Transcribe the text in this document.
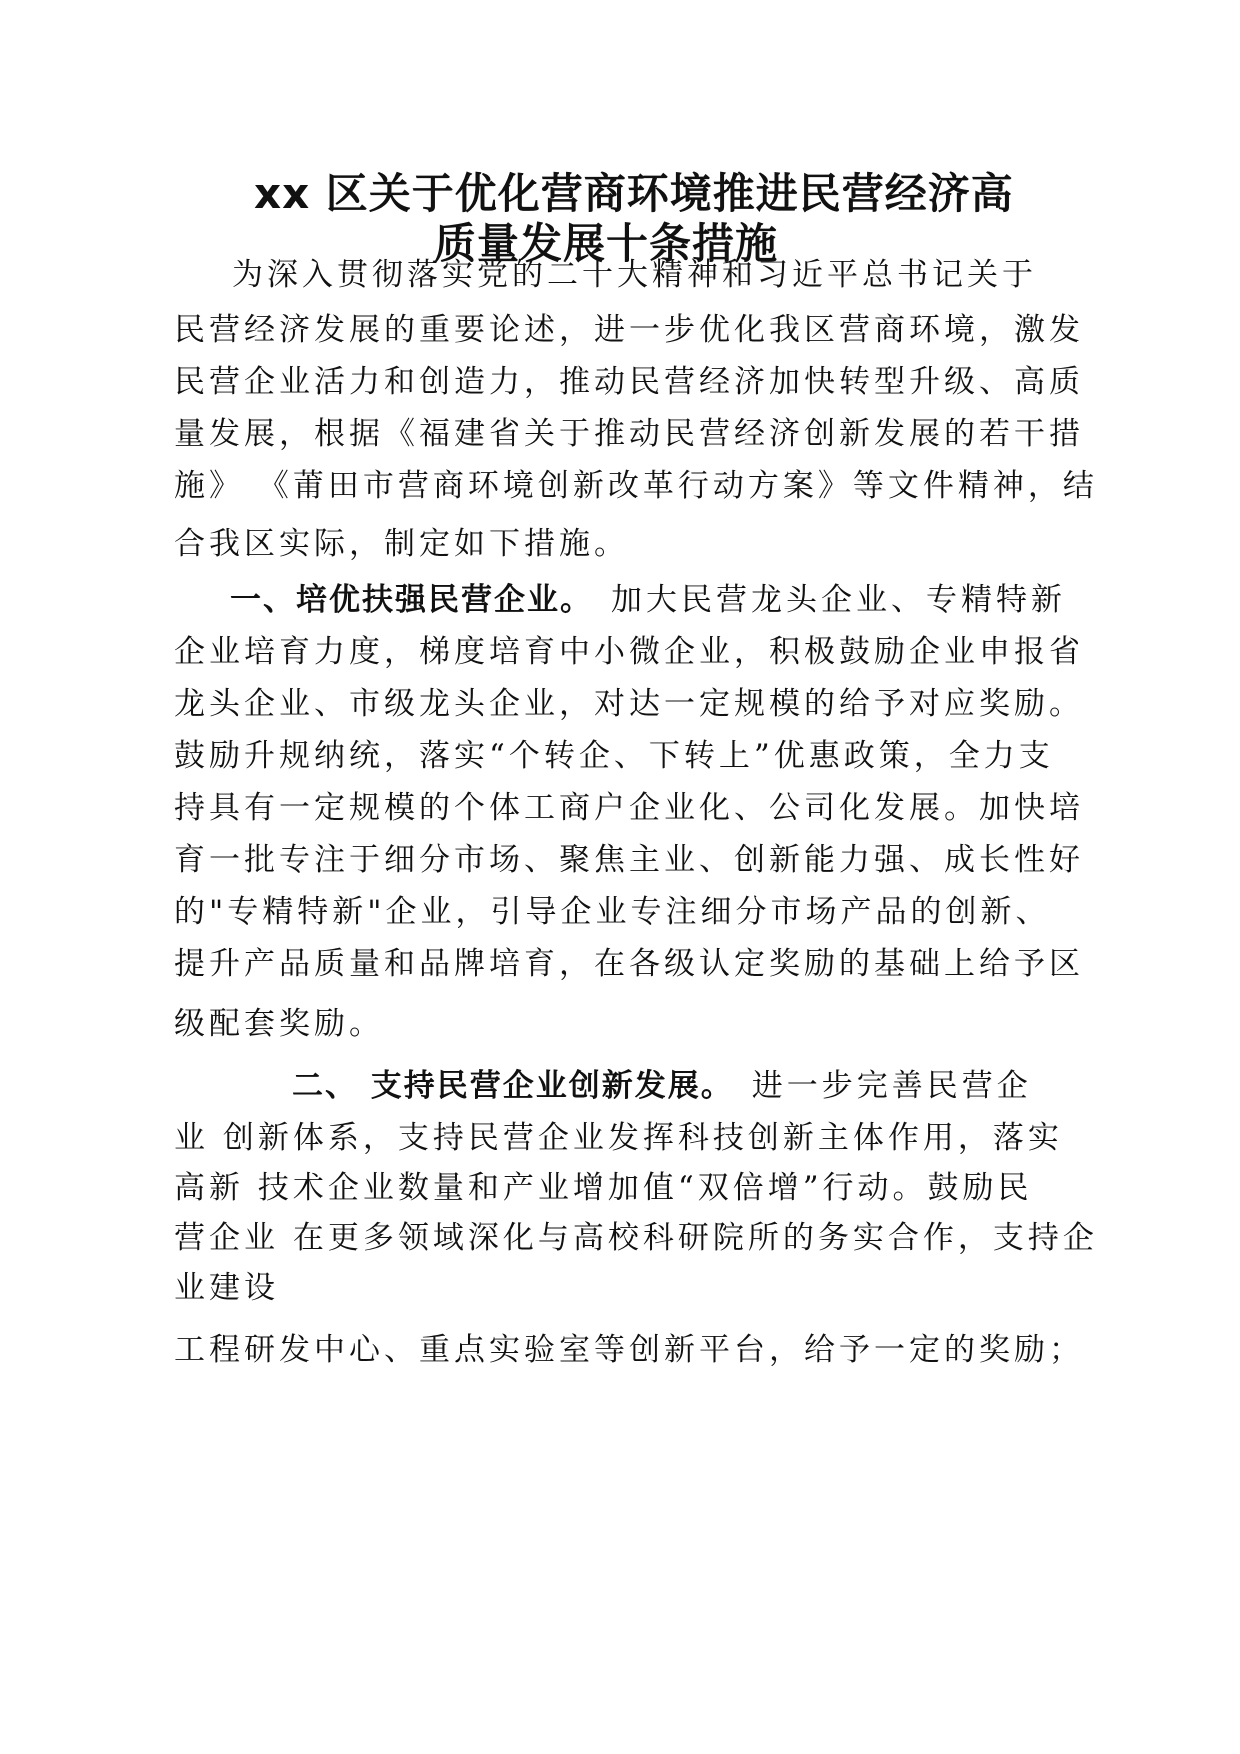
xx 区关于优化营商环境推进民营经济高
质量发展十条措施

为深入贯彻落实党的二十大精神和习近平总书记关于

民营经济发展的重要论述，进一步优化我区营商环境，激发

民营企业活力和创造力，推动民营经济加快转型升级、高质

量发展，根据《福建省关于推动民营经济创新发展的若干措

施》 《莆田市营商环境创新改革行动方案》等文件精神，结

合我区实际，制定如下措施。

一、培优扶强民营企业。 加大民营龙头企业、专精特新

企业培育力度，梯度培育中小微企业，积极鼓励企业申报省

龙头企业、市级龙头企业，对达一定规模的给予对应奖励。

鼓励升规纳统，落实“个转企、下转上”优惠政策，全力支

持具有一定规模的个体工商户企业化、公司化发展。加快培

育一批专注于细分市场、聚焦主业、创新能力强、成长性好

的"专精特新"企业，引导企业专注细分市场产品的创新、

提升产品质量和品牌培育，在各级认定奖励的基础上给予区

级配套奖励。

二、 支持民营企业创新发展。 进一步完善民营企

业 创新体系，支持民营企业发挥科技创新主体作用，落实

高新 技术企业数量和产业增加值“双倍增”行动。鼓励民

营企业 在更多领域深化与高校科研院所的务实合作，支持企

业建设

工程研发中心、重点实验室等创新平台，给予一定的奖励；
